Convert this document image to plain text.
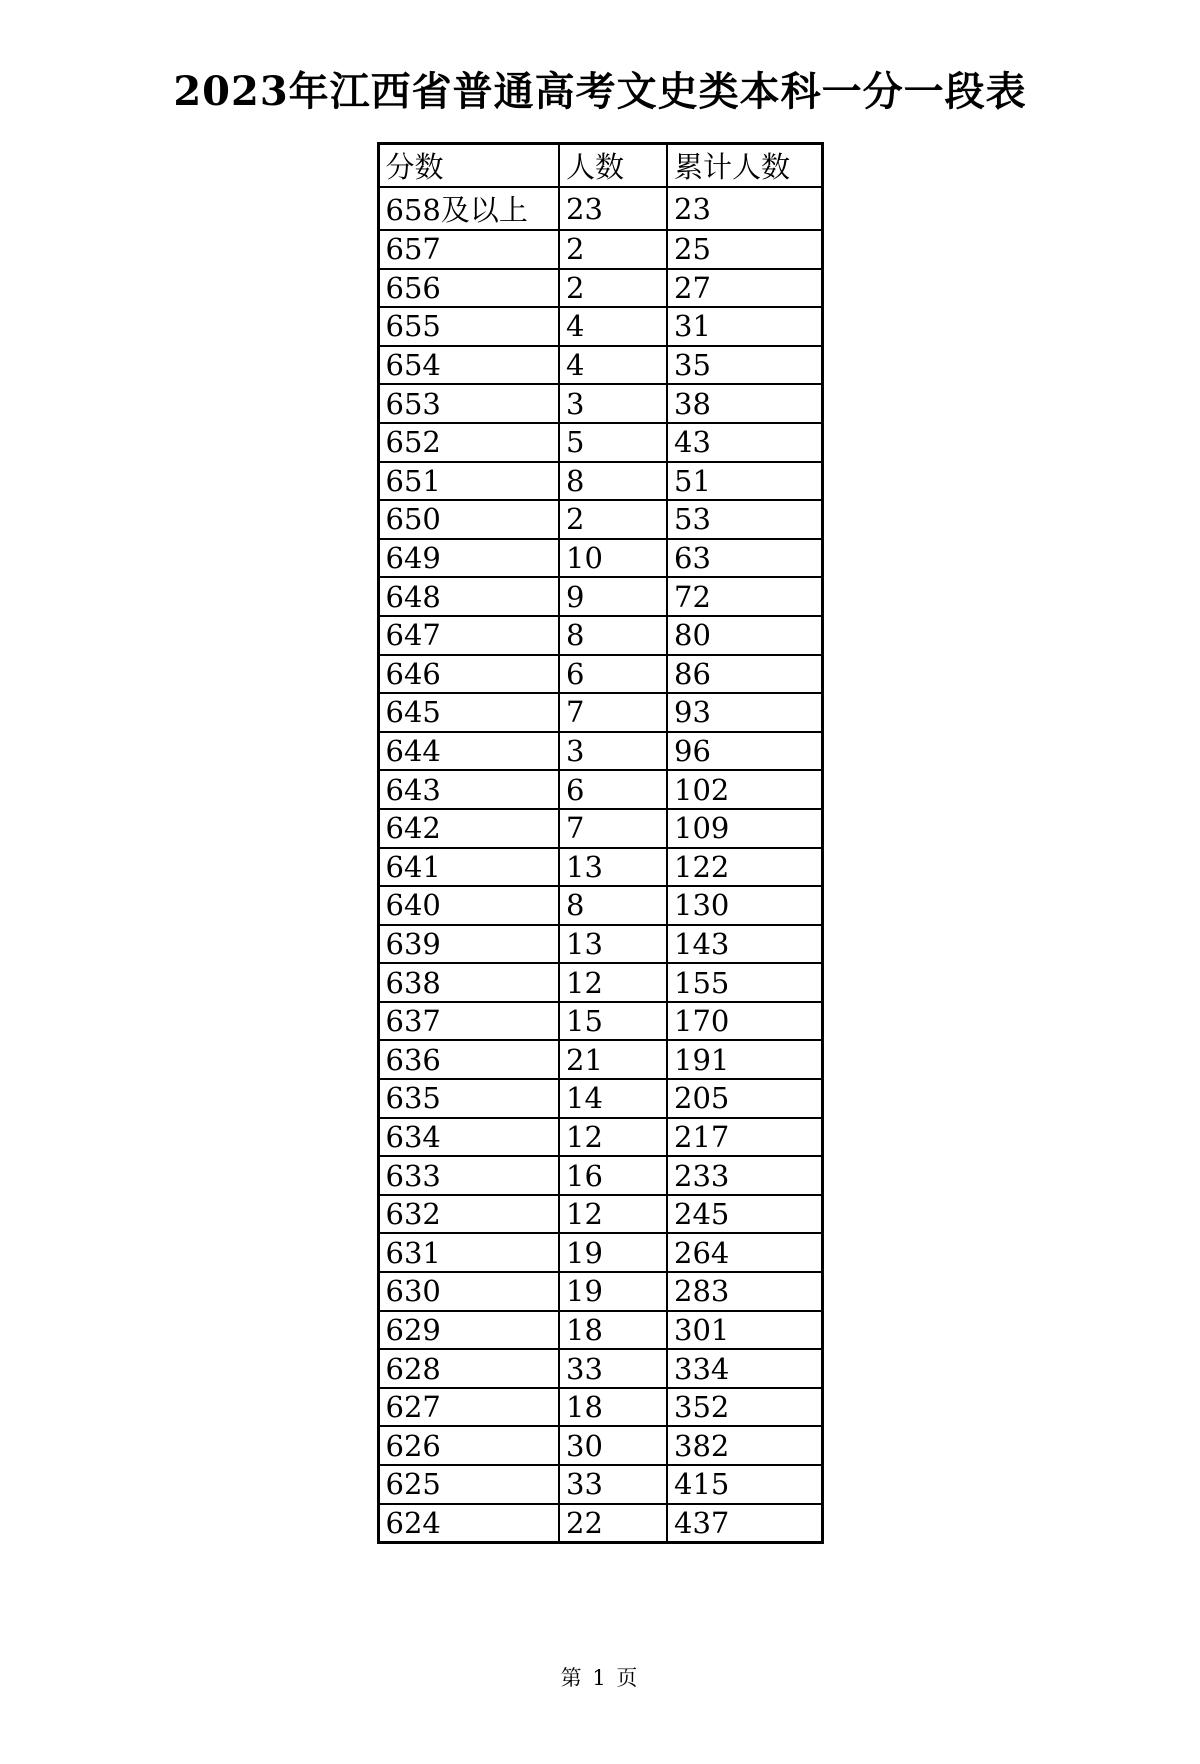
2023年江西省普通高考文史类本科一分一段表
分数	人数	累计人数
658及以上	23	23
657	2	25
656	2	27
655	4	31
654	4	35
653	3	38
652	5	43
651	8	51
650	2	53
649	10	63
648	9	72
647	8	80
646	6	86
645	7	93
644	3	96
643	6	102
642	7	109
641	13	122
640	8	130
639	13	143
638	12	155
637	15	170
636	21	191
635	14	205
634	12	217
633	16	233
632	12	245
631	19	264
630	19	283
629	18	301
628	33	334
627	18	352
626	30	382
625	33	415
624	22	437
第 1 页
